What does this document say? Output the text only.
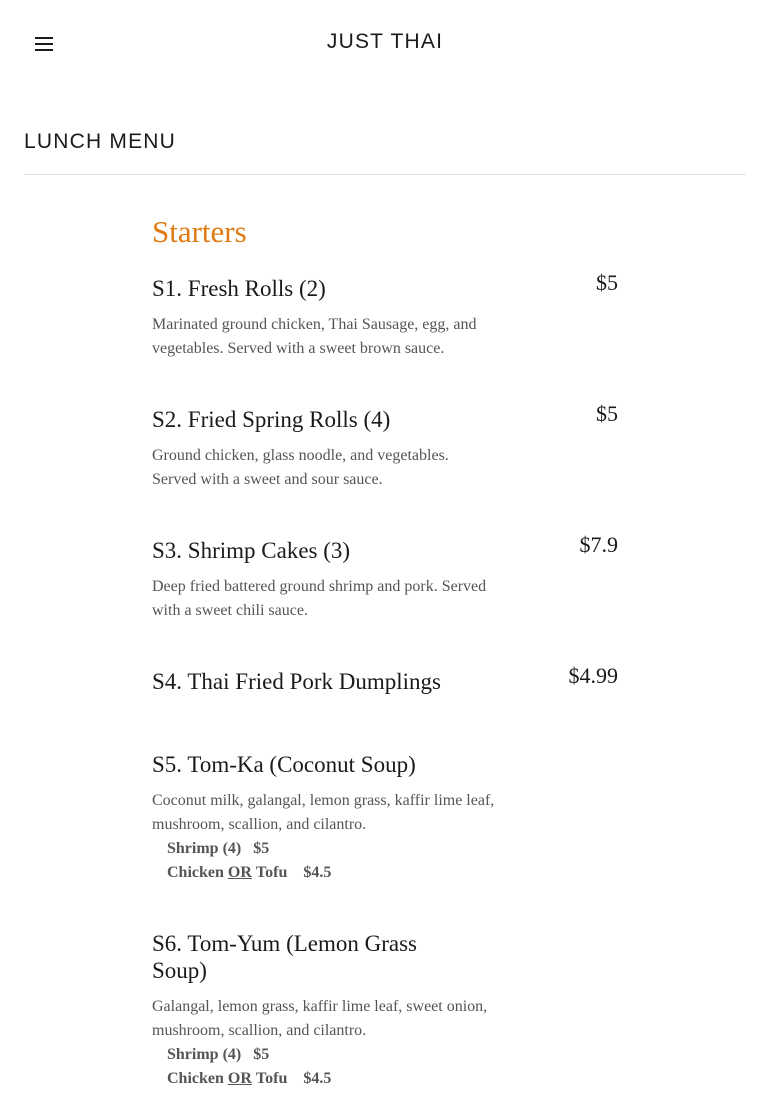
JUST THAI
LUNCH MENU
Starters
S1. Fresh Rolls (2)	$5
Marinated ground chicken, Thai Sausage, egg, and vegetables. Served with a sweet brown sauce.
S2. Fried Spring Rolls (4)	$5
Ground chicken, glass noodle, and vegetables. Served with a sweet and sour sauce.
S3. Shrimp Cakes (3)	$7.9
Deep fried battered ground shrimp and pork. Served with a sweet chili sauce.
S4. Thai Fried Pork Dumplings	$4.99
S5. Tom-Ka (Coconut Soup)
Coconut milk, galangal, lemon grass, kaffir lime leaf, mushroom, scallion, and cilantro.
Shrimp (4) $5
Chicken OR Tofu $4.5
S6. Tom-Yum (Lemon Grass Soup)
Galangal, lemon grass, kaffir lime leaf, sweet onion, mushroom, scallion, and cilantro.
Shrimp (4) $5
Chicken OR Tofu $4.5
